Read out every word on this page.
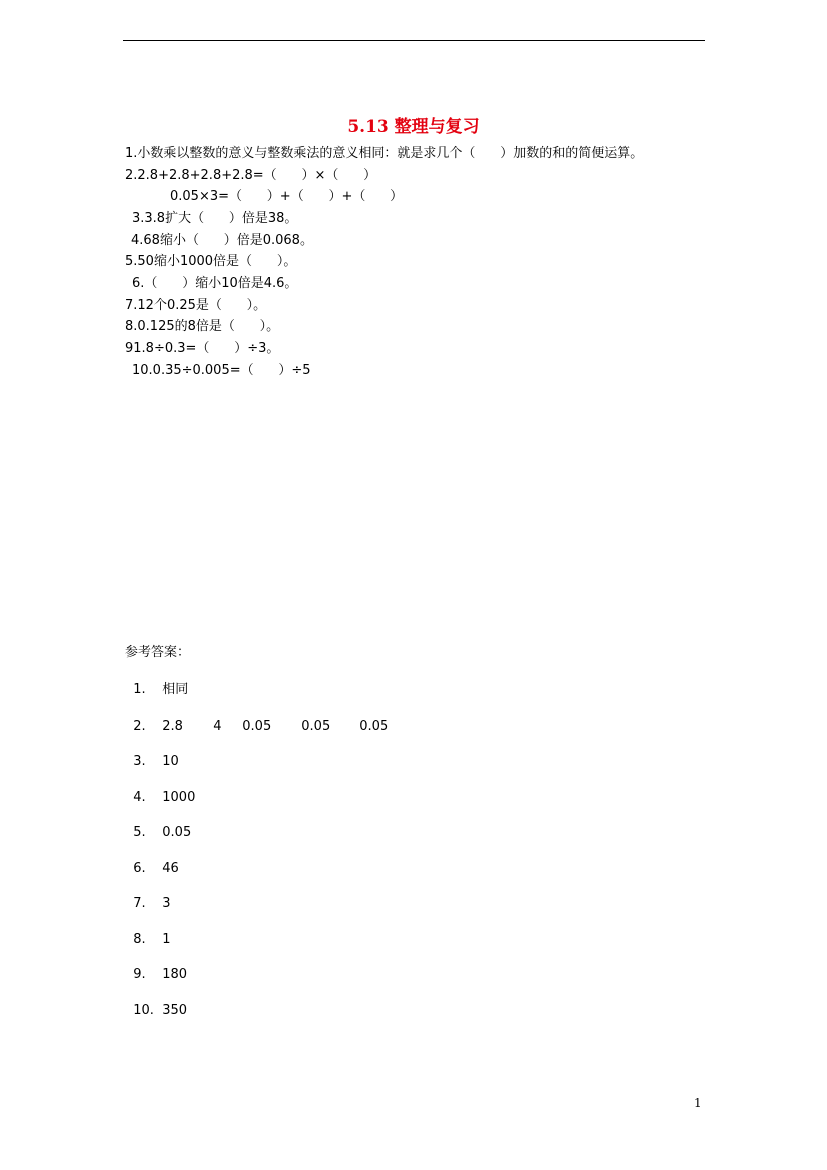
5.13 整理与复习
1.小数乘以整数的意义与整数乘法的意义相同：就是求几个（      ）加数的和的简便运算。
2.2.8+2.8+2.8+2.8=（      ）×（      ）
0.05×3=（      ）+（      ）+（      ）
3.3.8扩大（      ）倍是38。
4.68缩小（      ）倍是0.068。
5.50缩小1000倍是（      ）。
6.（      ）缩小10倍是4.6。
7.12个0.25是（      ）。
8.0.125的8倍是（      ）。
91.8÷0.3=（      ）÷3。
10.0.35÷0.005=（      ）÷5
参考答案：

1. 相同

2. 2.8 4 0.05 0.05 0.05

3. 10

4. 1000

5. 0.05

6. 46

7. 3

8. 1

9. 180

10. 350

1
